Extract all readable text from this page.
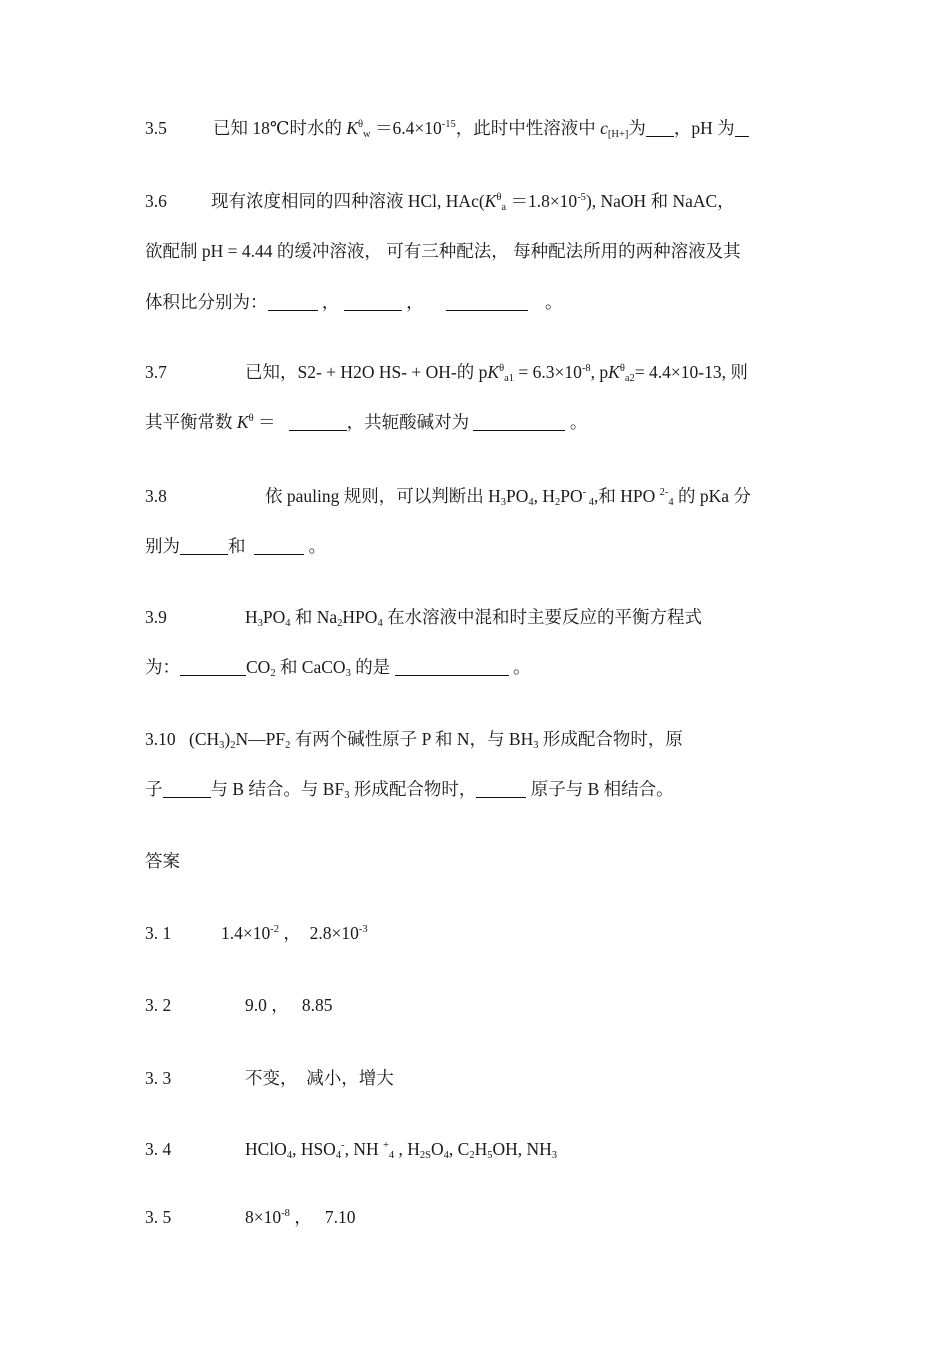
3.5	已知 18℃时水的 $K^\theta_w =6.4\times 10^{-15}$，此时中性溶液中 $c_{[H+]}$为 ，pH 为
3.6	现有浓度相同的四种溶液 HCl, $HAc(K^\theta_a =1.8\times 10^{-5})$, NaOH 和 NaAC，
欲配制 pH = 4.44 的缓冲溶液， 可有三种配法， 每种配法所用的两种溶液及其
体积比分别为：	，	，	。
3.7	已知，S2- + H2O HS- + OH-的 $pK^\theta_{a1} = 6.3\times 10^{-8}$, $pK^\theta_{a2}= 4.4\times 10-13$, 则
其平衡常数 $K^\theta$ ＝	，共轭酸碱对为	。
3.8	依 pauling 规则，可以判断出 $H_3PO_4$, $H_2PO^-$ $_4$,和 HPO $^{2-}_4$ 的 pKa 分
别为	和	。
3.9	$H_3PO_4$ 和 $Na_2HPO_4$ 在水溶液中混和时主要反应的平衡方程式
为：	$CO_2$ 和 CaCO$_3$ 的是	。
3.10 $(CH_3)_2N—PF_2$ 有两个碱性原子 P 和 N，与 $BH_3$ 形成配合物时，原
子	与 B 结合。与 $BF_3$ 形成配合物时，	原子与 B 相结合。
答案
3. 1	$1.4\times 10^{-2}$ ，  $2.8\times 10^{-3}$
3. 2	9.0 ，   8.85
3. 3	不变，  减小，增大
3. 4	HClO$_4$, $HSO_4^-$, NH +$_4$ , $H_{2S}O_4$, $C_2H_5OH$, $NH_3$
3. 5	$8\times 10^{-8}$ ，   7.10
